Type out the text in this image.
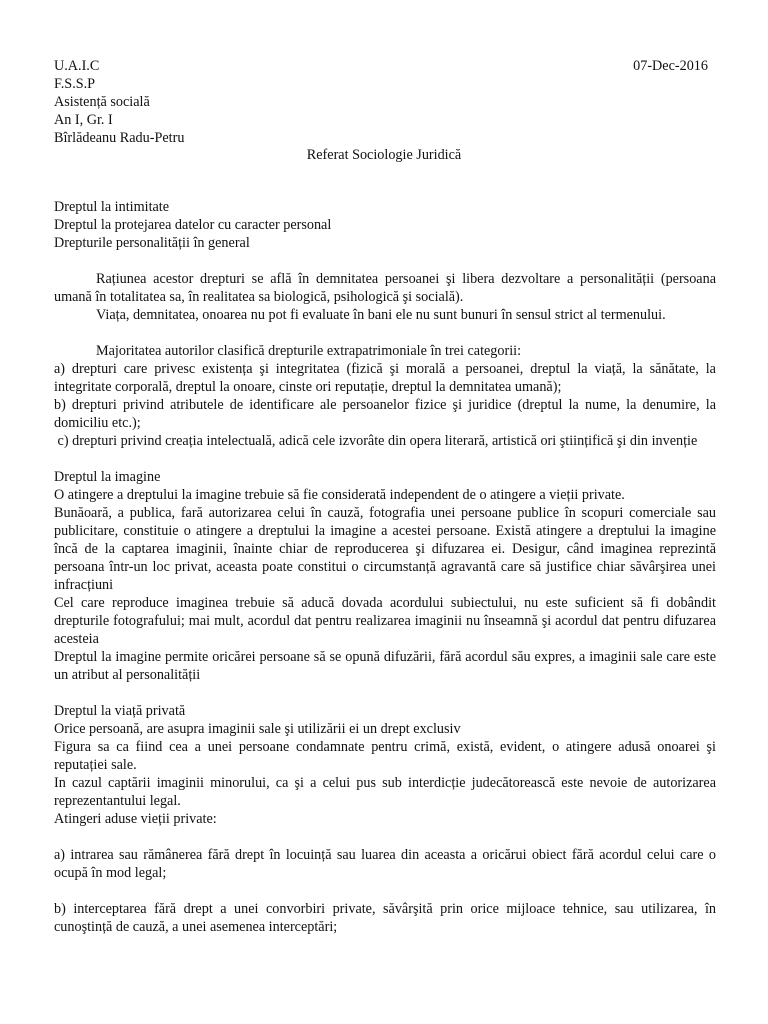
U.A.I.C	07-Dec-2016
F.S.S.P
Asistență socială
An I, Gr. I
Bîrlădeanu Radu-Petru
Referat Sociologie Juridică

Dreptul la intimitate

Dreptul la protejarea datelor cu caracter personal

Drepturile personalității în general

Rațiunea acestor drepturi se află în demnitatea persoanei şi libera dezvoltare a personalității (persoana umană în totalitatea sa, în realitatea sa biologică, psihologică şi socială).

Viața, demnitatea, onoarea nu pot fi evaluate în bani ele nu sunt bunuri în sensul strict al termenului.

Majoritatea autorilor clasifică drepturile extrapatrimoniale în trei categorii:

a) drepturi care privesc existența şi integritatea (fizică şi morală a persoanei, dreptul la viață, la sănătate, la integritate corporală, dreptul la onoare, cinste ori reputație, dreptul la demnitatea umană);

b) drepturi privind atributele de identificare ale persoanelor fizice şi juridice (dreptul la nume, la denumire, la domiciliu etc.);

c) drepturi privind creația intelectuală, adică cele izvorâte din opera literară, artistică ori ştiințifică şi din invenție

Dreptul la imagine

O atingere a dreptului la imagine trebuie să fie considerată independent de o atingere a vieții private.

Bunăoară, a publica, fară autorizarea celui în cauză, fotografia unei persoane publice în scopuri comerciale sau publicitare, constituie o atingere a dreptului la imagine a acestei persoane. Există atingere a dreptului la imagine încă de la captarea imaginii, înainte chiar de reproducerea şi difuzarea ei. Desigur, când imaginea reprezintă persoana într-un loc privat, aceasta poate constitui o circumstanță agravantă care să justifice chiar săvârşirea unei infracțiuni

Cel care reproduce imaginea trebuie să aducă dovada acordului subiectului, nu este suficient să fi dobândit drepturile fotografului; mai mult, acordul dat pentru realizarea imaginii nu înseamnă şi acordul dat pentru difuzarea acesteia

Dreptul la imagine permite oricărei persoane să se opună difuzării, fără acordul său expres, a imaginii sale care este un atribut al personalității

Dreptul la viață privată

Orice persoană, are asupra imaginii sale şi utilizării ei un drept exclusiv

Figura sa ca fiind cea a unei persoane condamnate pentru crimă, există, evident, o atingere adusă onoarei şi reputației sale.

In cazul captării imaginii minorului, ca şi a celui pus sub interdicție judecătorească este nevoie de autorizarea reprezentantului legal.

Atingeri aduse vieții private:

a) intrarea sau rămânerea fără drept în locuință sau luarea din aceasta a oricărui obiect fără acordul celui care o ocupă în mod legal;

b) interceptarea fără drept a unei convorbiri private, săvârşită prin orice mijloace tehnice, sau utilizarea, în cunoştință de cauză, a unei asemenea interceptări;
